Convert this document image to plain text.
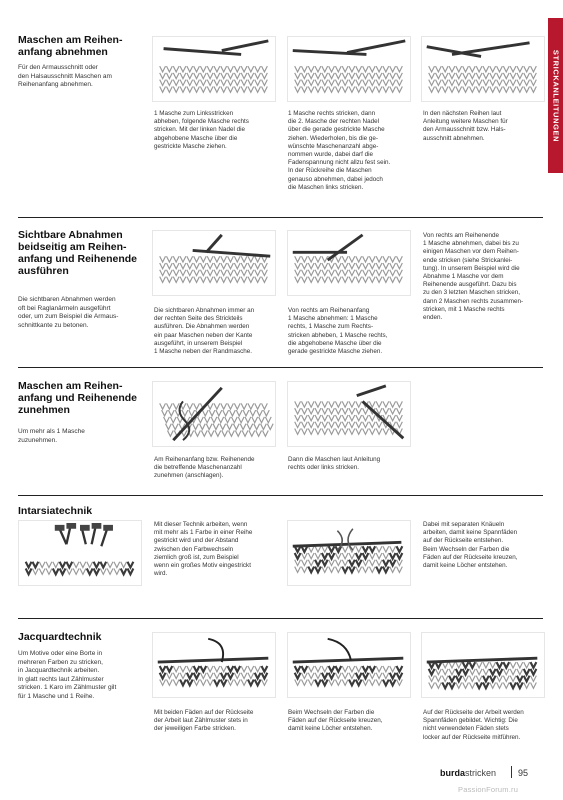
STRICKANLEITUNGEN
Maschen am Reihen-
anfang abnehmen
Für den Armausschnitt oder
den Halsausschnitt Maschen am
Reihenanfang abnehmen.
1 Masche zum Linksstricken
abheben, folgende Masche rechts
stricken. Mit der linken Nadel die
abgehobene Masche über die
gestrickte Masche ziehen.
1 Masche rechts stricken, dann
die 2. Masche der rechten Nadel
über die gerade gestrickte Masche
ziehen. Wiederholen, bis die ge-
wünschte Maschenanzahl abge-
nommen wurde, dabei darf die
Fadenspannung nicht allzu fest sein.
In der Rückreihe die Maschen
genauso abnehmen, dabei jedoch
die Maschen links stricken.
In den nächsten Reihen laut
Anleitung weitere Maschen für
den Armausschnitt bzw. Hals-
ausschnitt abnehmen.
Sichtbare Abnahmen
beidseitig am Reihen-
anfang und Reihenende
ausführen
Die sichtbaren Abnahmen werden
oft bei Raglanärmeln ausgeführt
oder, um zum Beispiel die Armaus-
schnittkante zu betonen.
Die sichtbaren Abnahmen immer an
der rechten Seite des Strickteils
ausführen. Die Abnahmen werden
ein paar Maschen neben der Kante
ausgeführt, in unserem Beispiel
1 Masche neben der Randmasche.
Von rechts am Reihenanfang
1 Masche abnehmen: 1 Masche
rechts, 1 Masche zum Rechts-
stricken abheben, 1 Masche rechts,
die abgehobene Masche über die
gerade gestrickte Masche ziehen.
Von rechts am Reihenende
1 Masche abnehmen, dabei bis zu
einigen Maschen vor dem Reihen-
ende stricken (siehe Strickanlei-
tung). In unserem Beispiel wird die
Abnahme 1 Masche vor dem
Reihenende ausgeführt. Dazu bis
zu den 3 letzten Maschen stricken,
dann 2 Maschen rechts zusammen-
stricken, mit 1 Masche rechts
enden.
Maschen am Reihen-
anfang und Reihenende
zunehmen
Um mehr als 1 Masche
zuzunehmen.
Am Reihenanfang bzw. Reihenende
die betreffende Maschenanzahl
zunehmen (anschlagen).
Dann die Maschen laut Anleitung
rechts oder links stricken.
Intarsiatechnik
Mit dieser Technik arbeiten, wenn
mit mehr als 1 Farbe in einer Reihe
gestrickt wird und der Abstand
zwischen den Farbwechseln
ziemlich groß ist, zum Beispiel
wenn ein großes Motiv eingestrickt
wird.
Dabei mit separaten Knäueln
arbeiten, damit keine Spannfäden
auf der Rückseite entstehen.
Beim Wechseln der Farben die
Fäden auf der Rückseite kreuzen,
damit keine Löcher entstehen.
Jacquardtechnik
Um Motive oder eine Borte in
mehreren Farben zu stricken,
in Jacquardtechnik arbeiten.
In glatt rechts laut Zählmuster
stricken. 1 Karo im Zählmuster gilt
für 1 Masche und 1 Reihe.
Mit beiden Fäden auf der Rückseite
der Arbeit laut Zählmuster stets in
der jeweiligen Farbe stricken.
Beim Wechseln der Farben die
Fäden auf der Rückseite kreuzen,
damit keine Löcher entstehen.
Auf der Rückseite der Arbeit werden
Spannfäden gebildet. Wichtig: Die
nicht verwendeten Fäden stets
locker auf der Rückseite mitführen.
burdastricken 95
PassionForum.ru
